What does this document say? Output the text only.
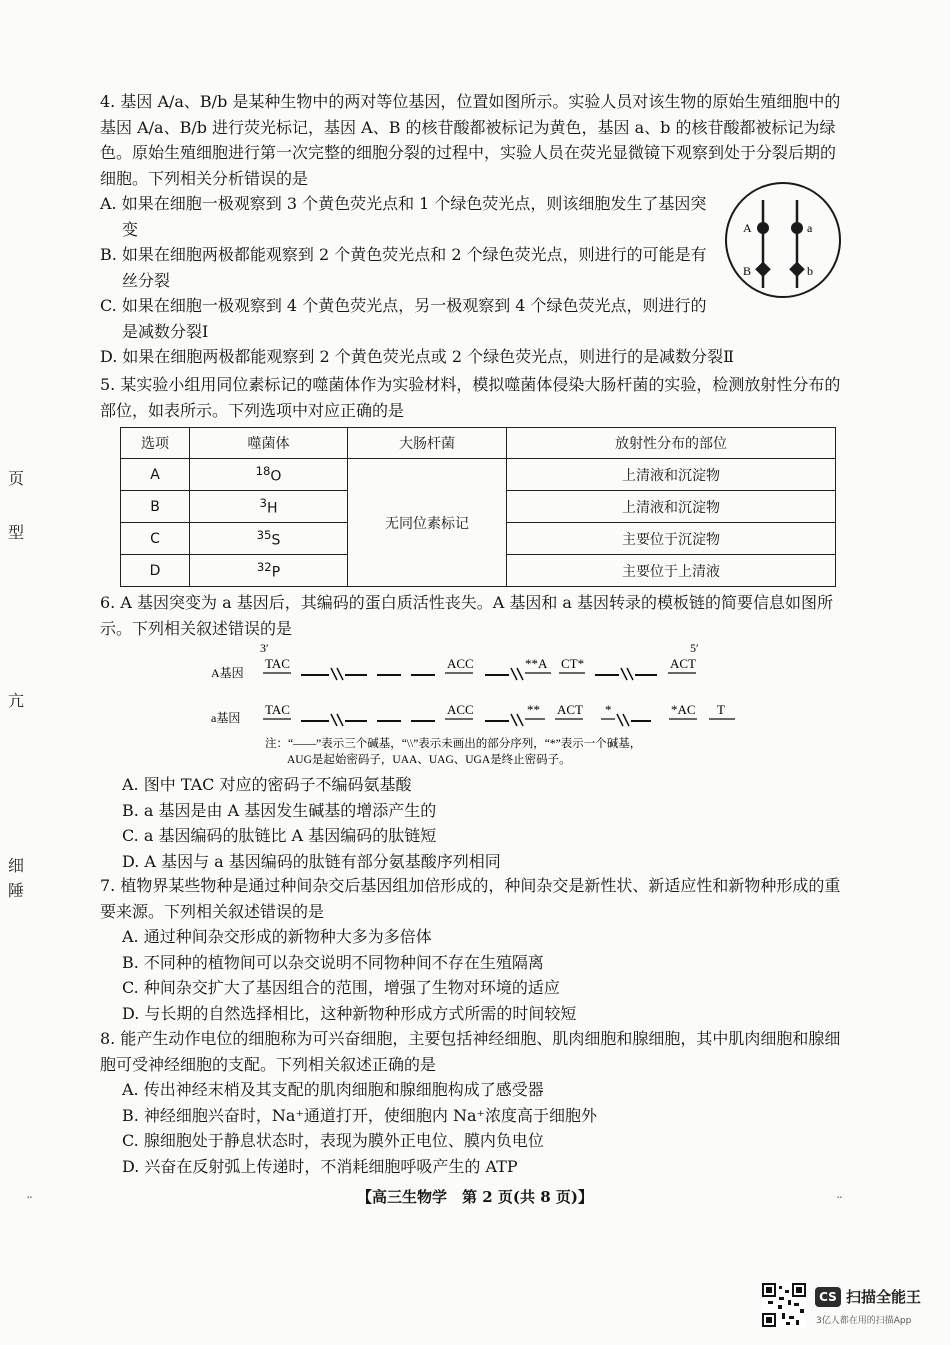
页
型
亢
细
陲
4. 基因 A/a、B/b 是某种生物中的两对等位基因，位置如图所示。实验人员对该生物的原始生殖细胞中的基因 A/a、B/b 进行荧光标记，基因 A、B 的核苷酸都被标记为黄色，基因 a、b 的核苷酸都被标记为绿色。原始生殖细胞进行第一次完整的细胞分裂的过程中，实验人员在荧光显微镜下观察到处于分裂后期的细胞。下列相关分析错误的是
A. 如果在细胞一极观察到 3 个黄色荧光点和 1 个绿色荧光点，则该细胞发生了基因突变
B. 如果在细胞两极都能观察到 2 个黄色荧光点和 2 个绿色荧光点，则进行的可能是有丝分裂
C. 如果在细胞一极观察到 4 个黄色荧光点，另一极观察到 4 个绿色荧光点，则进行的是减数分裂Ⅰ
D. 如果在细胞两极都能观察到 2 个黄色荧光点或 2 个绿色荧光点，则进行的是减数分裂Ⅱ
A	a
B	b
5. 某实验小组用同位素标记的噬菌体作为实验材料，模拟噬菌体侵染大肠杆菌的实验，检测放射性分布的部位，如表所示。下列选项中对应正确的是
选项	噬菌体	大肠杆菌	放射性分布的部位
A	$^{18}$O	无同位素标记	上清液和沉淀物
B	$^3$H		上清液和沉淀物
C	$^{35}$S		主要位于沉淀物
D	$^{32}$P		主要位于上清液
6. A 基因突变为 a 基因后，其编码的蛋白质活性丧失。A 基因和 a 基因转录的模板链的简要信息如图所示。下列相关叙述错误的是
3′	5′
A基因
TAC	ACC	**A CT*	ACT
a基因
TAC	ACC	** ACT *	*AC T
注：“——”表示三个碱基，“\\”表示未画出的部分序列，“*”表示一个碱基，
AUG是起始密码子，UAA、UAG、UGA是终止密码子。
A. 图中 TAC 对应的密码子不编码氨基酸
B. a 基因是由 A 基因发生碱基的增添产生的
C. a 基因编码的肽链比 A 基因编码的肽链短
D. A 基因与 a 基因编码的肽链有部分氨基酸序列相同
7. 植物界某些物种是通过种间杂交后基因组加倍形成的，种间杂交是新性状、新适应性和新物种形成的重要来源。下列相关叙述错误的是
A. 通过种间杂交形成的新物种大多为多倍体
B. 不同种的植物间可以杂交说明不同物种间不存在生殖隔离
C. 种间杂交扩大了基因组合的范围，增强了生物对环境的适应
D. 与长期的自然选择相比，这种新物种形成方式所需的时间较短
8. 能产生动作电位的细胞称为可兴奋细胞，主要包括神经细胞、肌肉细胞和腺细胞，其中肌肉细胞和腺细胞可受神经细胞的支配。下列相关叙述正确的是
A. 传出神经末梢及其支配的肌肉细胞和腺细胞构成了感受器
B. 神经细胞兴奋时，Na⁺通道打开，使细胞内 Na⁺浓度高于细胞外
C. 腺细胞处于静息状态时，表现为膜外正电位、膜内负电位
D. 兴奋在反射弧上传递时，不消耗细胞呼吸产生的 ATP
¨	¨
【高三生物学　第 2 页(共 8 页)】
CS 扫描全能王
3亿人都在用的扫描App
